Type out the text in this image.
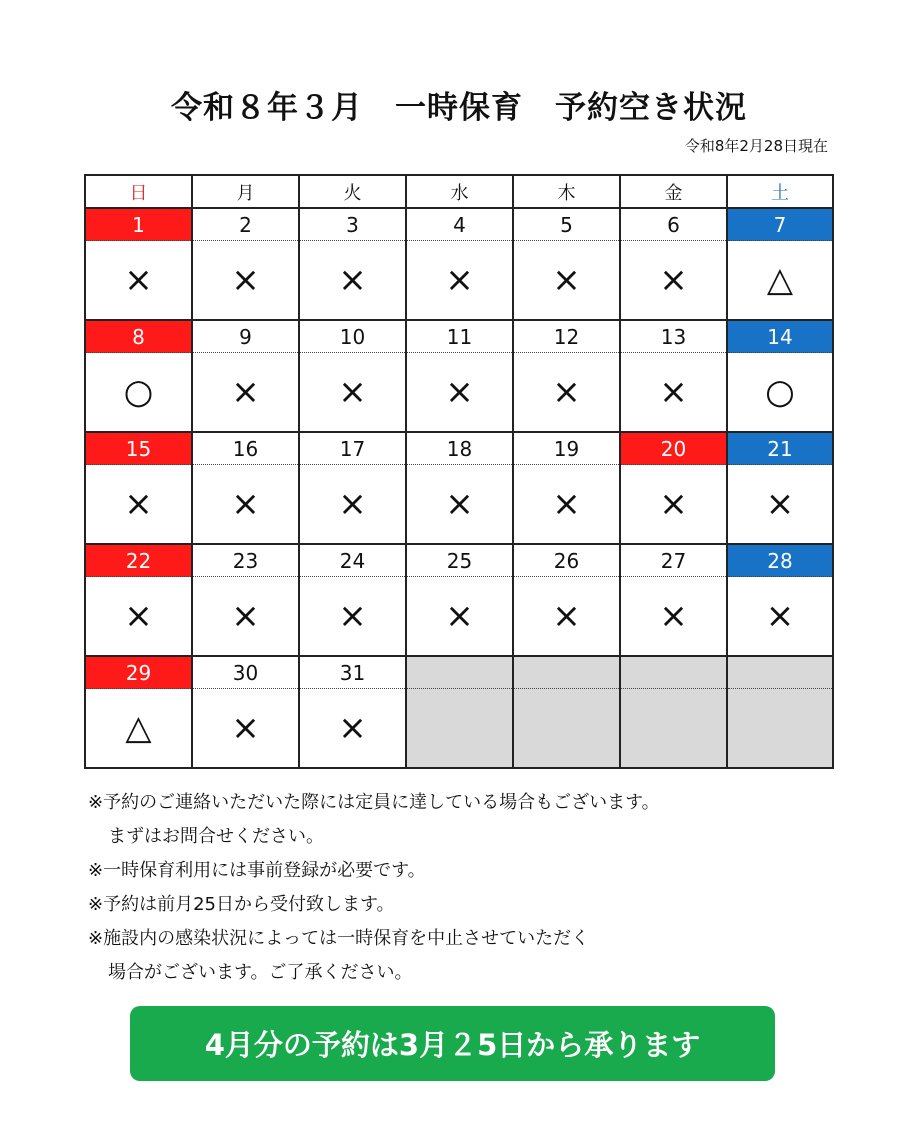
令和８年３月　一時保育　予約空き状況
令和8年2月28日現在
日	月	火	水	木	金	土
1	2	3	4	5	6	7
×	×	×	×	×	×	△
8	9	10	11	12	13	14
○	×	×	×	×	×	○
15	16	17	18	19	20	21
×	×	×	×	×	×	×
22	23	24	25	26	27	28
×	×	×	×	×	×	×
29	30	31				
△	×	×				
※予約のご連絡いただいた際には定員に達している場合もございます。
まずはお問合せください。
※一時保育利用には事前登録が必要です。
※予約は前月25日から受付致します。
※施設内の感染状況によっては一時保育を中止させていただく
場合がございます。ご了承ください。
4月分の予約は3月２5日から承ります
